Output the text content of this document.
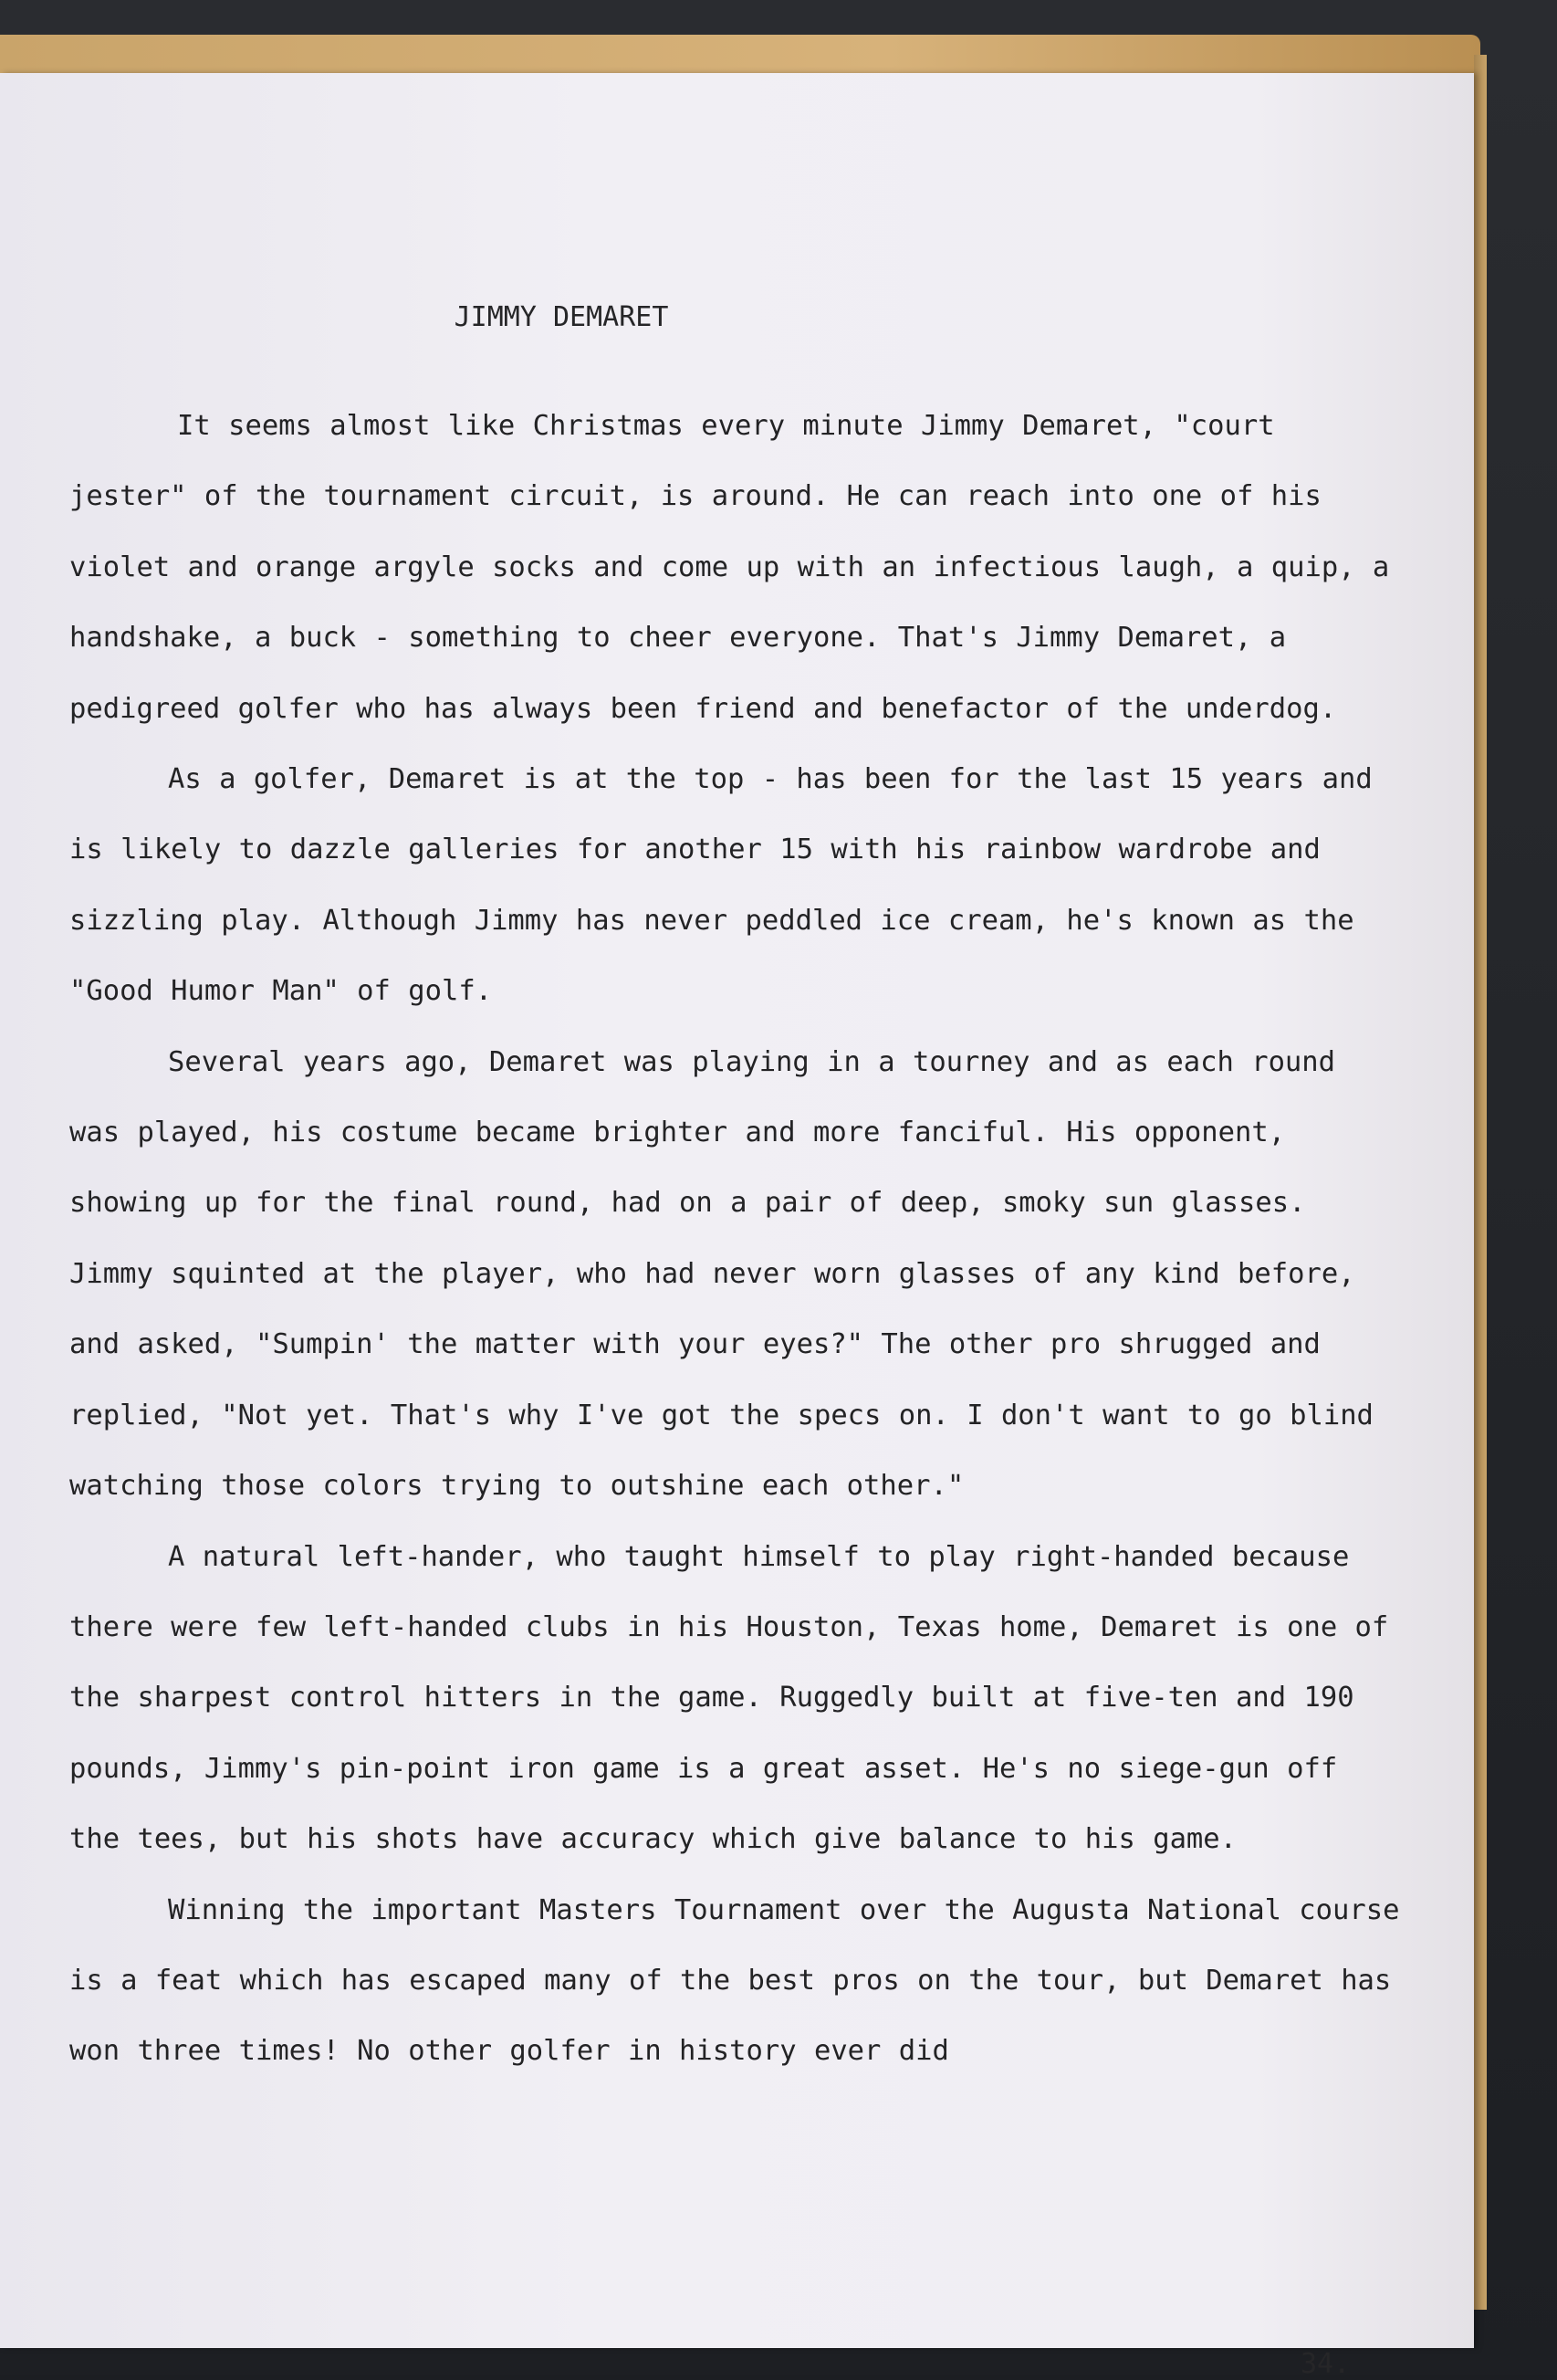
JIMMY DEMARET

It seems almost like Christmas every minute Jimmy Demaret, "court jester" of the tournament circuit, is around. He can reach into one of his violet and orange argyle socks and come up with an infectious laugh, a quip, a handshake, a buck - something to cheer everyone. That's Jimmy Demaret, a pedigreed golfer who has always been friend and benefactor of the underdog.

As a golfer, Demaret is at the top - has been for the last 15 years and is likely to dazzle galleries for another 15 with his rainbow wardrobe and sizzling play. Although Jimmy has never peddled ice cream, he's known as the "Good Humor Man" of golf.

Several years ago, Demaret was playing in a tourney and as each round was played, his costume became brighter and more fanciful. His opponent, showing up for the final round, had on a pair of deep, smoky sun glasses. Jimmy squinted at the player, who had never worn glasses of any kind before, and asked, "Sumpin' the matter with your eyes?" The other pro shrugged and replied, "Not yet. That's why I've got the specs on. I don't want to go blind watching those colors trying to outshine each other."

A natural left-hander, who taught himself to play right-handed because there were few left-handed clubs in his Houston, Texas home, Demaret is one of the sharpest control hitters in the game. Ruggedly built at five-ten and 190 pounds, Jimmy's pin-point iron game is a great asset. He's no siege-gun off the tees, but his shots have accuracy which give balance to his game.

Winning the important Masters Tournament over the Augusta National course is a feat which has escaped many of the best pros on the tour, but Demaret has won three times! No other golfer in history ever did

34.
